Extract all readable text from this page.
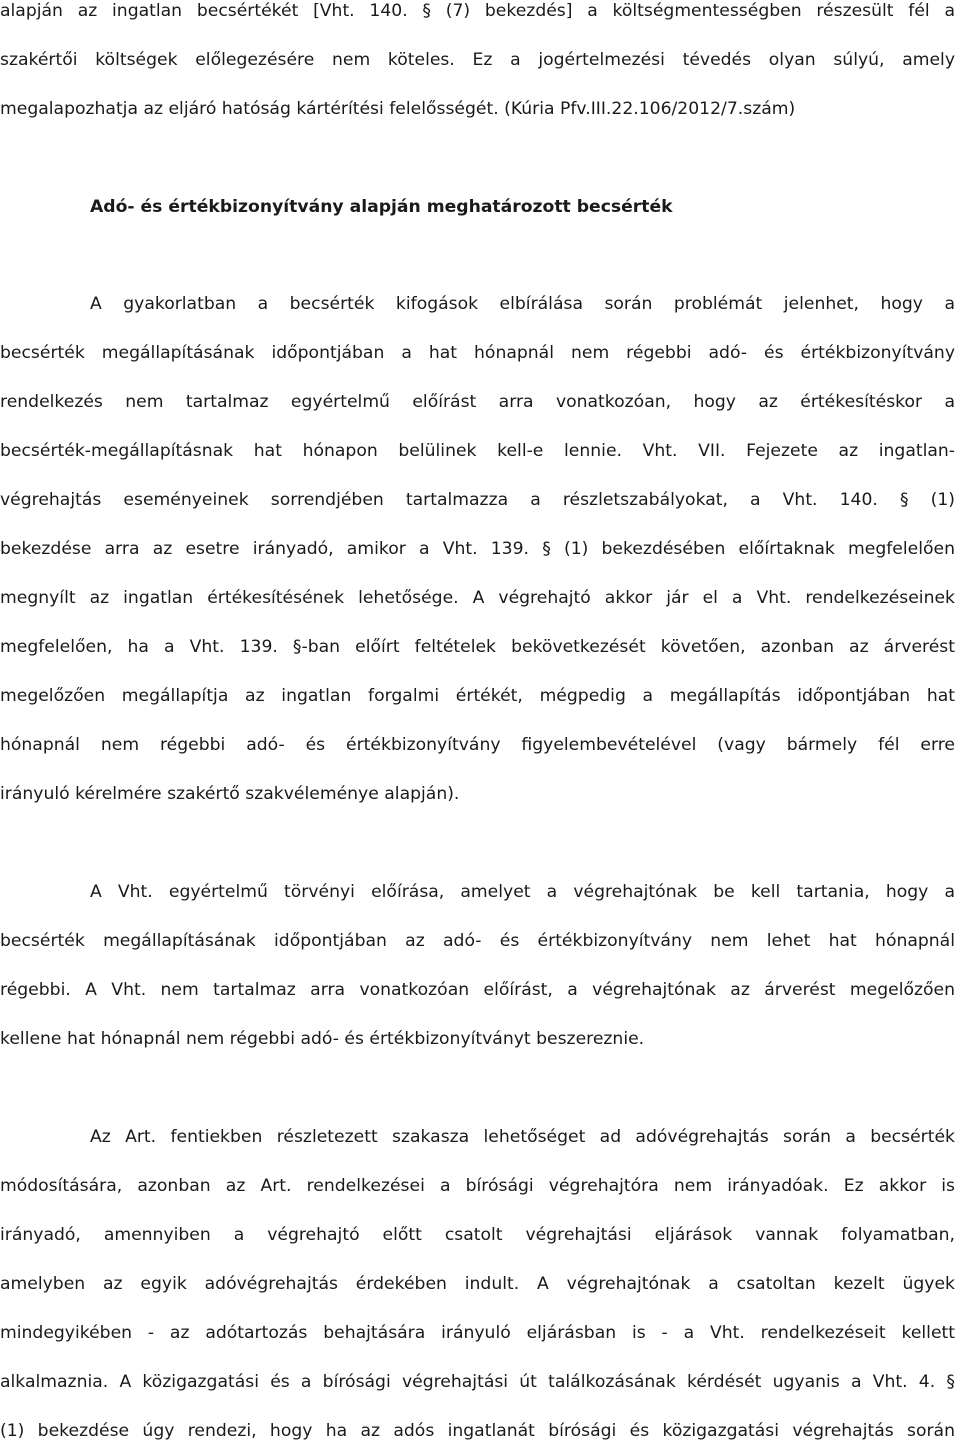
alapján az ingatlan becsértékét [Vht. 140. § (7) bekezdés] a költségmentességben részesült fél a
szakértői költségek előlegezésére nem köteles. Ez a jogértelmezési tévedés olyan súlyú, amely
megalapozhatja az eljáró hatóság kártérítési felelősségét. (Kúria Pfv.III.22.106/2012/7.szám)
Adó- és értékbizonyítvány alapján meghatározott becsérték
A gyakorlatban a becsérték kifogások elbírálása során problémát jelenhet, hogy a
becsérték megállapításának időpontjában a hat hónapnál nem régebbi adó- és értékbizonyítvány
rendelkezés nem tartalmaz egyértelmű előírást arra vonatkozóan, hogy az értékesítéskor a
becsérték-megállapításnak hat hónapon belülinek kell-e lennie. Vht. VII. Fejezete az ingatlan-
végrehajtás eseményeinek sorrendjében tartalmazza a részletszabályokat, a Vht. 140. § (1)
bekezdése arra az esetre irányadó, amikor a Vht. 139. § (1) bekezdésében előírtaknak megfelelően
megnyílt az ingatlan értékesítésének lehetősége. A végrehajtó akkor jár el a Vht. rendelkezéseinek
megfelelően, ha a Vht. 139. §-ban előírt feltételek bekövetkezését követően, azonban az árverést
megelőzően megállapítja az ingatlan forgalmi értékét, mégpedig a megállapítás időpontjában hat
hónapnál nem régebbi adó- és értékbizonyítvány figyelembevételével (vagy bármely fél erre
irányuló kérelmére szakértő szakvéleménye alapján).
A Vht. egyértelmű törvényi előírása, amelyet a végrehajtónak be kell tartania, hogy a
becsérték megállapításának időpontjában az adó- és értékbizonyítvány nem lehet hat hónapnál
régebbi. A Vht. nem tartalmaz arra vonatkozóan előírást, a végrehajtónak az árverést megelőzően
kellene hat hónapnál nem régebbi adó- és értékbizonyítványt beszereznie.
Az Art. fentiekben részletezett szakasza lehetőséget ad adóvégrehajtás során a becsérték
módosítására, azonban az Art. rendelkezései a bírósági végrehajtóra nem irányadóak. Ez akkor is
irányadó, amennyiben a végrehajtó előtt csatolt végrehajtási eljárások vannak folyamatban,
amelyben az egyik adóvégrehajtás érdekében indult. A végrehajtónak a csatoltan kezelt ügyek
mindegyikében - az adótartozás behajtására irányuló eljárásban is - a Vht. rendelkezéseit kellett
alkalmaznia. A közigazgatási és a bírósági végrehajtási út találkozásának kérdését ugyanis a Vht. 4. §
(1) bekezdése úgy rendezi, hogy ha az adós ingatlanát bírósági és közigazgatási végrehajtás során
